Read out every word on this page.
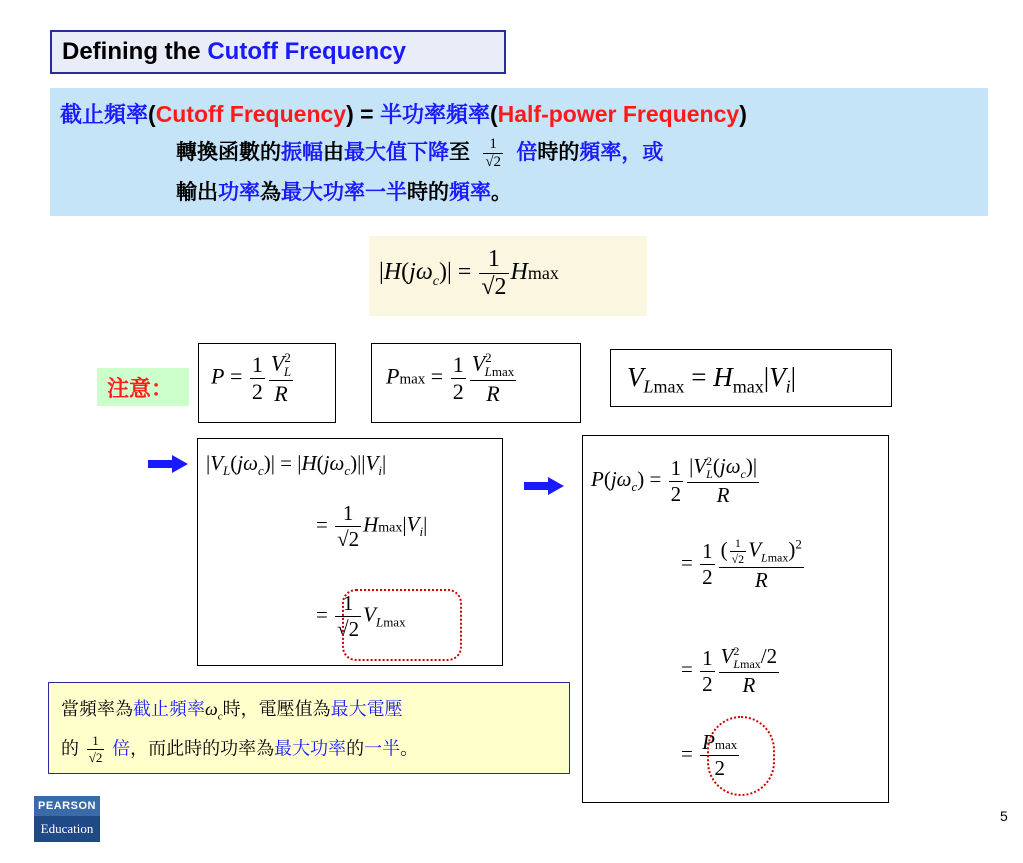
Defining the Cutoff Frequency
截止頻率(Cutoff Frequency) = 半功率頻率(Half-power Frequency)
轉換函數的振幅由最大值下降至 $\frac{1}{√2}$ 倍時的頻率，或
輸出功率為最大功率一半時的頻率。
$|H(j\omega_c)| = \frac{1}{√2}$ Hmax
注意：
$P = \frac{1}{2} \frac{V^2_L}{R}$	$Pmax = \frac{1}{2} \frac{V^2_{Lmax}}{R}$	$V_{Lmax} = H_{max}|V_i|$
$|V_L(j\omega_c)| = |H(j\omega_c)||V_i|$
= $\frac{1}{√2} Hmax|V_i|$
= $\frac{1}{√2} V_{Lmax}$
$P(j\omega_c) = \frac{1}{2} \frac{|V^2_L(j\omega_c)|}{R}$
= $\frac{1}{2} \frac{( \frac{1}{√2} V_{Lmax})^2}{R}$
= $\frac{1}{2} \frac{V^2_{Lmax}/2}{R}$
= $\frac{Pmax}{2}$
當頻率為截止頻率$\omega_c$時，電壓值為最大電壓
的 $\frac{1}{√2}$ 倍，而此時的功率為最大功率的一半。
PEARSON
Education
5
